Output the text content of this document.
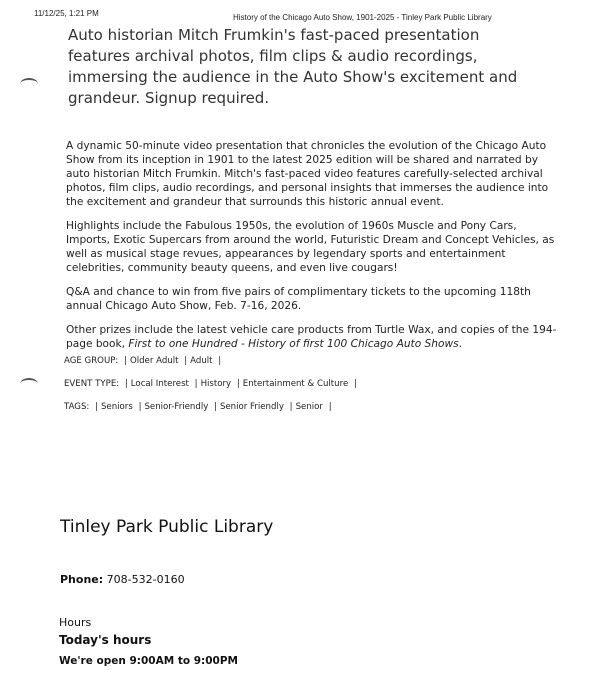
11/12/25, 1:21 PM	History of the Chicago Auto Show, 1901-2025 - Tinley Park Public Library
Auto historian Mitch Frumkin's fast-paced presentation features archival photos, film clips & audio recordings, immersing the audience in the Auto Show's excitement and grandeur. Signup required.

A dynamic 50-minute video presentation that chronicles the evolution of the Chicago Auto Show from its inception in 1901 to the latest 2025 edition will be shared and narrated by auto historian Mitch Frumkin. Mitch's fast-paced video features carefully-selected archival photos, film clips, audio recordings, and personal insights that immerses the audience into the excitement and grandeur that surrounds this historic annual event.

Highlights include the Fabulous 1950s, the evolution of 1960s Muscle and Pony Cars, Imports, Exotic Supercars from around the world, Futuristic Dream and Concept Vehicles, as well as musical stage revues, appearances by legendary sports and entertainment celebrities, community beauty queens, and even live cougars!

Q&A and chance to win from five pairs of complimentary tickets to the upcoming 118th annual Chicago Auto Show, Feb. 7-16, 2026.

Other prizes include the latest vehicle care products from Turtle Wax, and copies of the 194-page book, First to one Hundred - History of first 100 Chicago Auto Shows.

AGE GROUP: | Older Adult | Adult |
EVENT TYPE: | Local Interest | History | Entertainment & Culture |
TAGS: | Seniors | Senior-Friendly | Senior Friendly | Senior |
Tinley Park Public Library
Phone: 708-532-0160
Hours
Today's hours
We're open 9:00AM to 9:00PM
